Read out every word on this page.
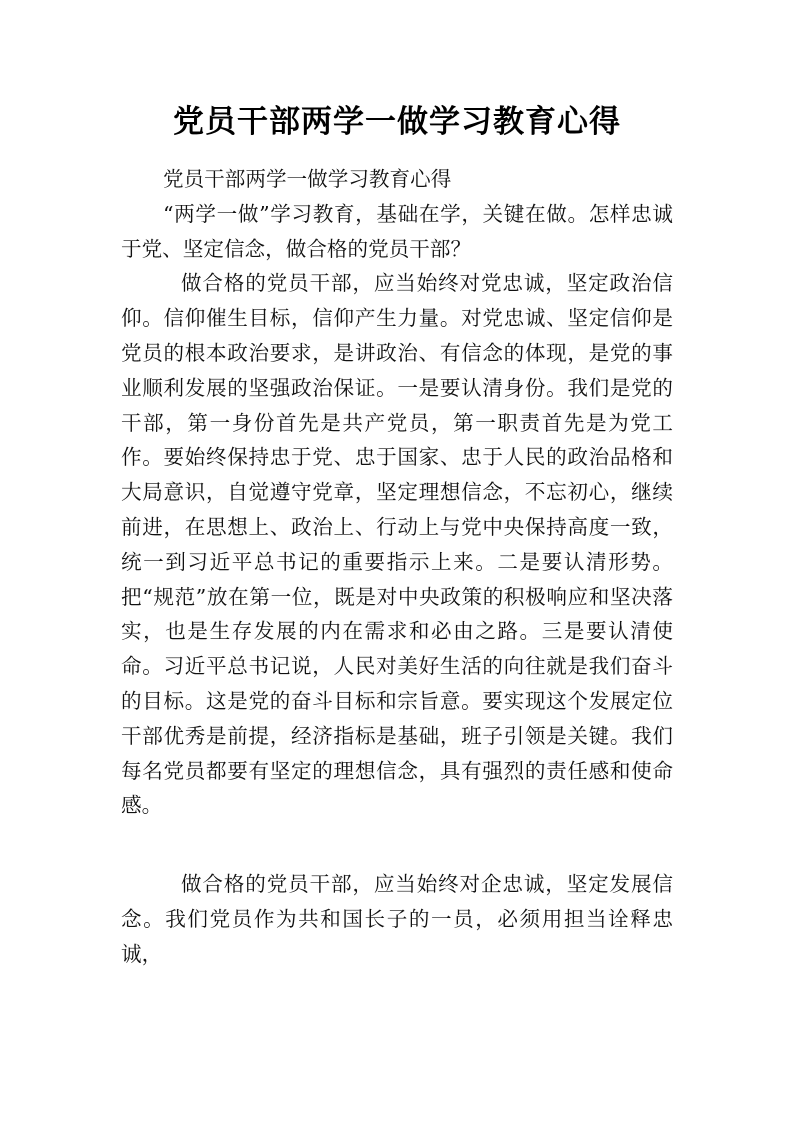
党员干部两学一做学习教育心得

党员干部两学一做学习教育心得

“两学一做”学习教育，基础在学，关键在做。怎样忠诚于党、坚定信念，做合格的党员干部？

做合格的党员干部，应当始终对党忠诚，坚定政治信仰。信仰催生目标，信仰产生力量。对党忠诚、坚定信仰是党员的根本政治要求，是讲政治、有信念的体现，是党的事业顺利发展的坚强政治保证。一是要认清身份。我们是党的干部，第一身份首先是共产党员，第一职责首先是为党工作。要始终保持忠于党、忠于国家、忠于人民的政治品格和大局意识，自觉遵守党章，坚定理想信念，不忘初心，继续前进，在思想上、政治上、行动上与党中央保持高度一致，统一到习近平总书记的重要指示上来。二是要认清形势。把“规范”放在第一位，既是对中央政策的积极响应和坚决落实，也是生存发展的内在需求和必由之路。三是要认清使命。习近平总书记说，人民对美好生活的向往就是我们奋斗的目标。这是党的奋斗目标和宗旨意。要实现这个发展定位 干部优秀是前提，经济指标是基础，班子引领是关键。我们每名党员都要有坚定的理想信念，具有强烈的责任感和使命感。

做合格的党员干部，应当始终对企忠诚，坚定发展信念。我们党员作为共和国长子的一员，必须用担当诠释忠诚，
